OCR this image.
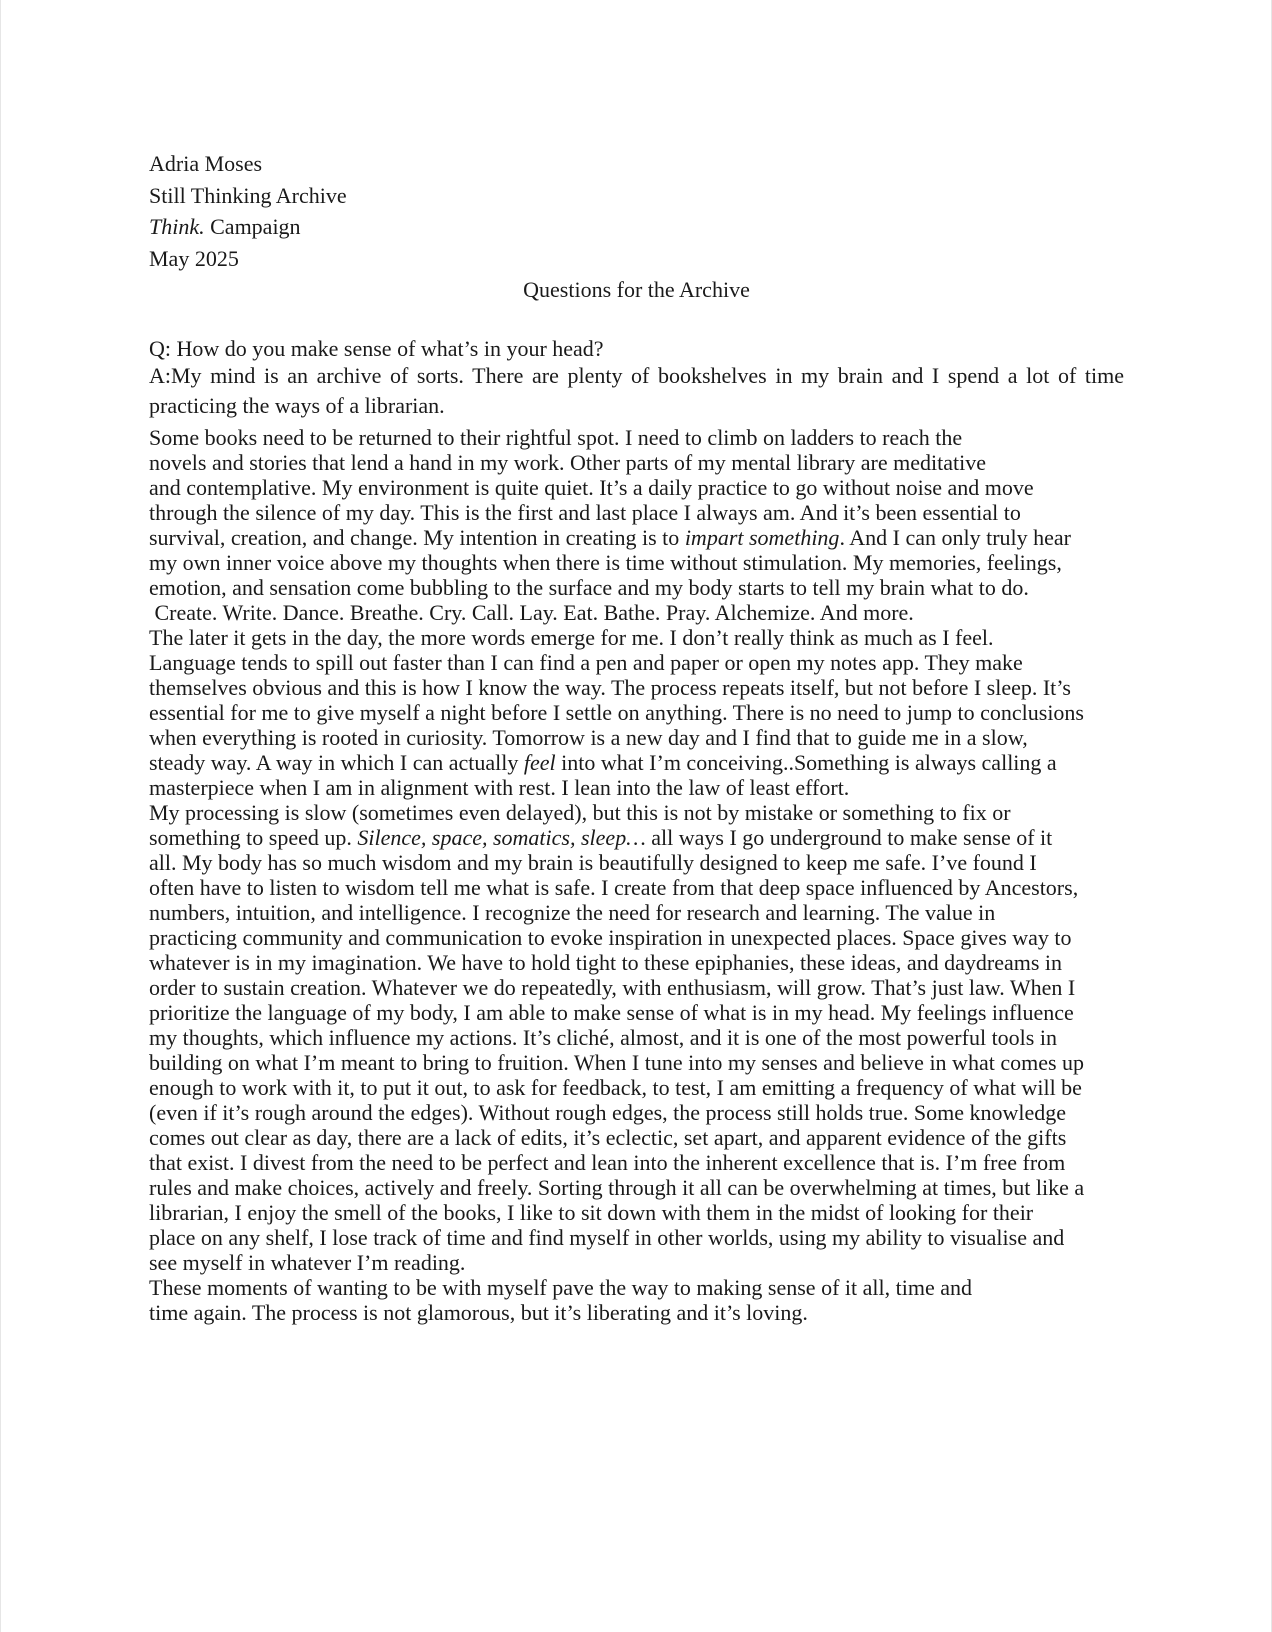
Adria Moses
Still Thinking Archive
Think. Campaign
May 2025
Questions for the Archive
Q: How do you make sense of what’s in your head?
A:My mind is an archive of sorts. There are plenty of bookshelves in my brain and I spend a lot of time
practicing the ways of a librarian.
Some books need to be returned to their rightful spot. I need to climb on ladders to reach the
novels and stories that lend a hand in my work. Other parts of my mental library are meditative
and contemplative. My environment is quite quiet. It’s a daily practice to go without noise and move
through the silence of my day. This is the first and last place I always am. And it’s been essential to
survival, creation, and change. My intention in creating is to impart something. And I can only truly hear
my own inner voice above my thoughts when there is time without stimulation. My memories, feelings,
emotion, and sensation come bubbling to the surface and my body starts to tell my brain what to do.
Create. Write. Dance. Breathe. Cry. Call. Lay. Eat. Bathe. Pray. Alchemize. And more.
The later it gets in the day, the more words emerge for me. I don’t really think as much as I feel.
Language tends to spill out faster than I can find a pen and paper or open my notes app. They make
themselves obvious and this is how I know the way. The process repeats itself, but not before I sleep. It’s
essential for me to give myself a night before I settle on anything. There is no need to jump to conclusions
when everything is rooted in curiosity. Tomorrow is a new day and I find that to guide me in a slow,
steady way. A way in which I can actually feel into what I’m conceiving..Something is always calling a
masterpiece when I am in alignment with rest. I lean into the law of least effort.
My processing is slow (sometimes even delayed), but this is not by mistake or something to fix or
something to speed up. Silence, space, somatics, sleep… all ways I go underground to make sense of it
all. My body has so much wisdom and my brain is beautifully designed to keep me safe. I’ve found I
often have to listen to wisdom tell me what is safe. I create from that deep space influenced by Ancestors,
numbers, intuition, and intelligence. I recognize the need for research and learning. The value in
practicing community and communication to evoke inspiration in unexpected places. Space gives way to
whatever is in my imagination. We have to hold tight to these epiphanies, these ideas, and daydreams in
order to sustain creation. Whatever we do repeatedly, with enthusiasm, will grow. That’s just law. When I
prioritize the language of my body, I am able to make sense of what is in my head. My feelings influence
my thoughts, which influence my actions. It’s cliché, almost, and it is one of the most powerful tools in
building on what I’m meant to bring to fruition. When I tune into my senses and believe in what comes up
enough to work with it, to put it out, to ask for feedback, to test, I am emitting a frequency of what will be
(even if it’s rough around the edges). Without rough edges, the process still holds true. Some knowledge
comes out clear as day, there are a lack of edits, it’s eclectic, set apart, and apparent evidence of the gifts
that exist. I divest from the need to be perfect and lean into the inherent excellence that is. I’m free from
rules and make choices, actively and freely. Sorting through it all can be overwhelming at times, but like a
librarian, I enjoy the smell of the books, I like to sit down with them in the midst of looking for their
place on any shelf, I lose track of time and find myself in other worlds, using my ability to visualise and
see myself in whatever I’m reading.
These moments of wanting to be with myself pave the way to making sense of it all, time and
time again. The process is not glamorous, but it’s liberating and it’s loving.
